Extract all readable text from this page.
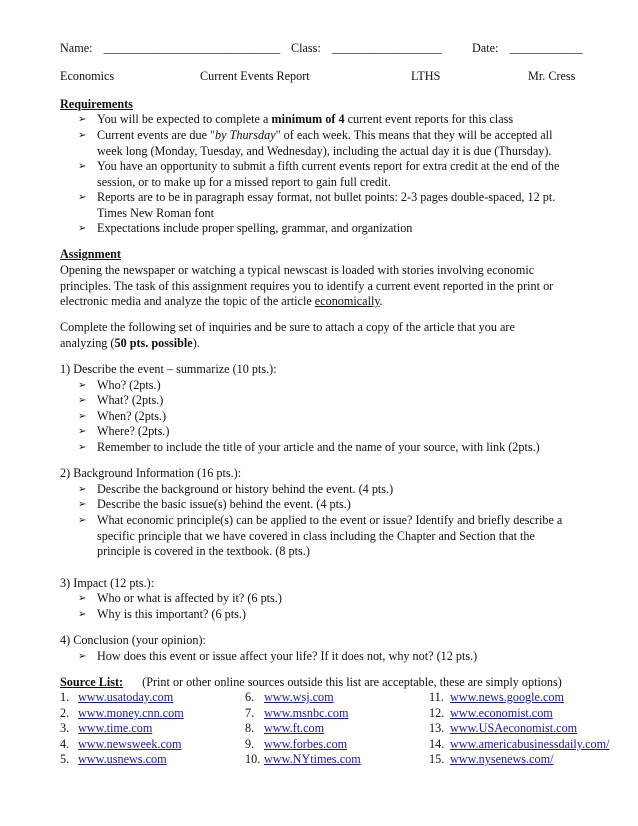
Name: _____________________________ Class: __________________ Date: ____________
Economics	Current Events Report	LTHS	Mr. Cress
Requirements
➢ You will be expected to complete a minimum of 4 current event reports for this class
➢ Current events are due "by Thursday" of each week. This means that they will be accepted all
week long (Monday, Tuesday, and Wednesday), including the actual day it is due (Thursday).
➢ You have an opportunity to submit a fifth current events report for extra credit at the end of the
session, or to make up for a missed report to gain full credit.
➢ Reports are to be in paragraph essay format, not bullet points: 2-3 pages double-spaced, 12 pt.
Times New Roman font
➢ Expectations include proper spelling, grammar, and organization
Assignment
Opening the newspaper or watching a typical newscast is loaded with stories involving economic
principles. The task of this assignment requires you to identify a current event reported in the print or
electronic media and analyze the topic of the article economically.
Complete the following set of inquiries and be sure to attach a copy of the article that you are
analyzing (50 pts. possible).
1) Describe the event – summarize (10 pts.):
➢ Who? (2pts.)
➢ What? (2pts.)
➢ When? (2pts.)
➢ Where? (2pts.)
➢ Remember to include the title of your article and the name of your source, with link (2pts.)
2) Background Information (16 pts.):
➢ Describe the background or history behind the event. (4 pts.)
➢ Describe the basic issue(s) behind the event. (4 pts.)
➢ What economic principle(s) can be applied to the event or issue? Identify and briefly describe a
specific principle that we have covered in class including the Chapter and Section that the
principle is covered in the textbook. (8 pts.)
3) Impact (12 pts.):
➢ Who or what is affected by it? (6 pts.)
➢ Why is this important? (6 pts.)
4) Conclusion (your opinion):
➢ How does this event or issue affect your life? If it does not, why not? (12 pts.)
Source List: (Print or other online sources outside this list are acceptable, these are simply options)
1. www.usatoday.com
2. www.money.cnn.com
3. www.time.com
4. www.newsweek.com
5. www.usnews.com
6. www.wsj.com
7. www.msnbc.com
8. www.ft.com
9. www.forbes.com
10. www.NYtimes.com
11. www.news.google.com
12. www.economist.com
13. www.USAeconomist.com
14. www.americabusinessdaily.com/
15. www.nysenews.com/
